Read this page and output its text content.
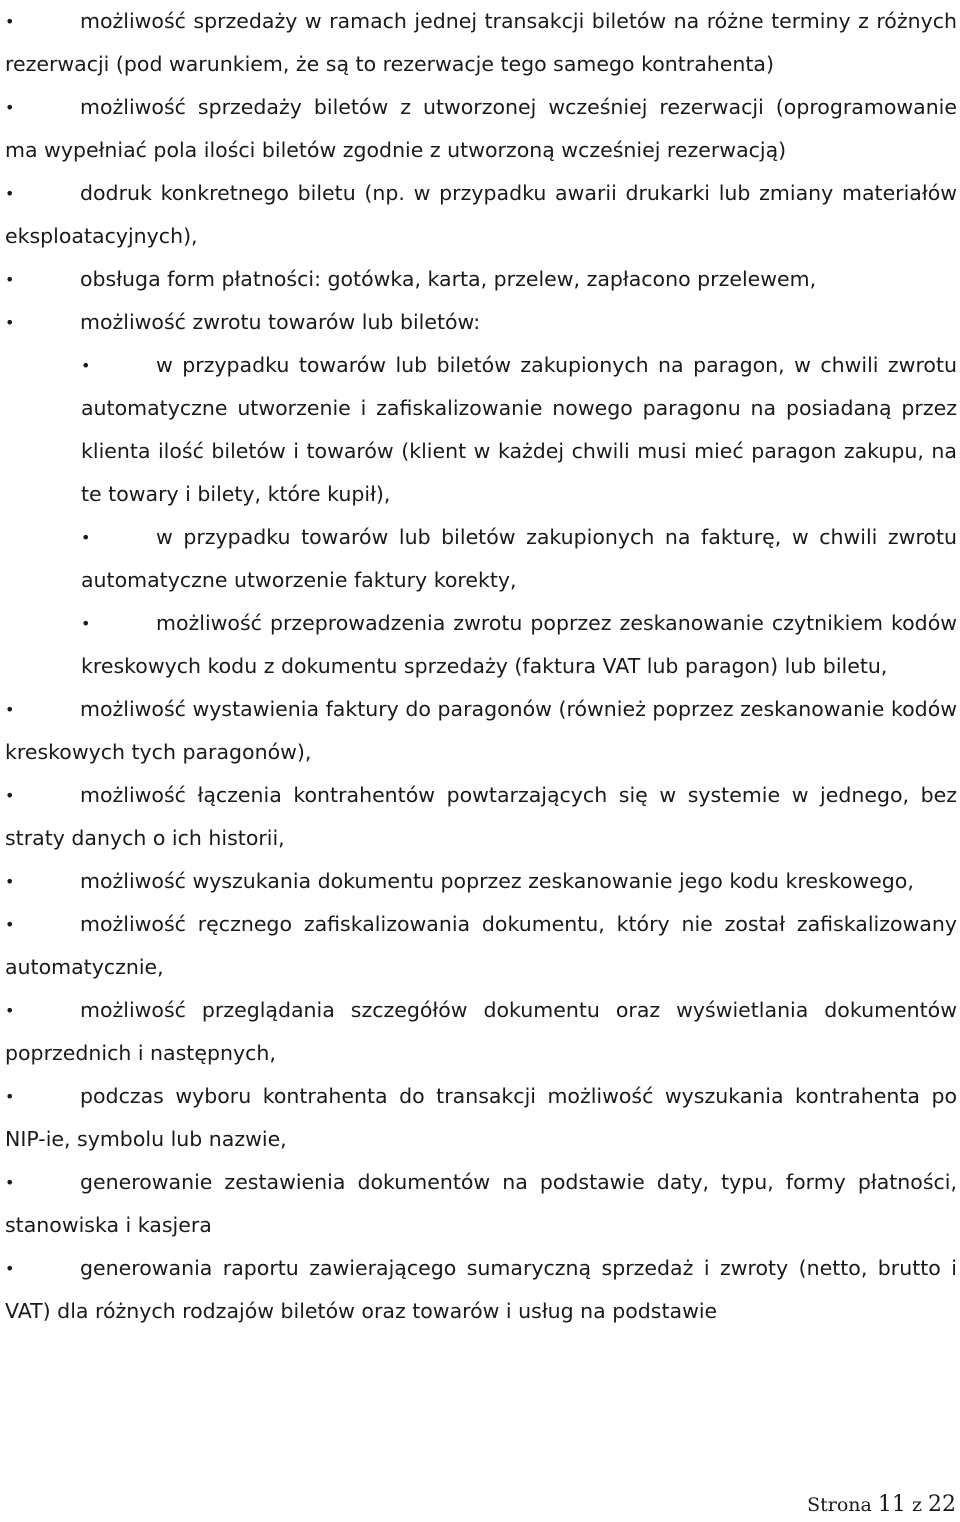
• możliwość sprzedaży w ramach jednej transakcji biletów na różne terminy z różnych rezerwacji (pod warunkiem, że są to rezerwacje tego samego kontrahenta)
• możliwość sprzedaży biletów z utworzonej wcześniej rezerwacji (oprogramowanie ma wypełniać pola ilości biletów zgodnie z utworzoną wcześniej rezerwacją)
• dodruk konkretnego biletu (np. w przypadku awarii drukarki lub zmiany materiałów eksploatacyjnych),
• obsługa form płatności: gotówka, karta, przelew, zapłacono przelewem,
• możliwość zwrotu towarów lub biletów:
• w przypadku towarów lub biletów zakupionych na paragon, w chwili zwrotu automatyczne utworzenie i zafiskalizowanie nowego paragonu na posiadaną przez klienta ilość biletów i towarów (klient w każdej chwili musi mieć paragon zakupu, na te towary i bilety, które kupił),
• w przypadku towarów lub biletów zakupionych na fakturę, w chwili zwrotu automatyczne utworzenie faktury korekty,
• możliwość przeprowadzenia zwrotu poprzez zeskanowanie czytnikiem kodów kreskowych kodu z dokumentu sprzedaży (faktura VAT lub paragon) lub biletu,
• możliwość wystawienia faktury do paragonów (również poprzez zeskanowanie kodów kreskowych tych paragonów),
• możliwość łączenia kontrahentów powtarzających się w systemie w jednego, bez straty danych o ich historii,
• możliwość wyszukania dokumentu poprzez zeskanowanie jego kodu kreskowego,
• możliwość ręcznego zafiskalizowania dokumentu, który nie został zafiskalizowany automatycznie,
• możliwość przeglądania szczegółów dokumentu oraz wyświetlania dokumentów poprzednich i następnych,
• podczas wyboru kontrahenta do transakcji możliwość wyszukania kontrahenta po NIP-ie, symbolu lub nazwie,
• generowanie zestawienia dokumentów na podstawie daty, typu, formy płatności, stanowiska i kasjera
• generowania raportu zawierającego sumaryczną sprzedaż i zwroty (netto, brutto i VAT) dla różnych rodzajów biletów oraz towarów i usług na podstawie
Strona 11 z 22
